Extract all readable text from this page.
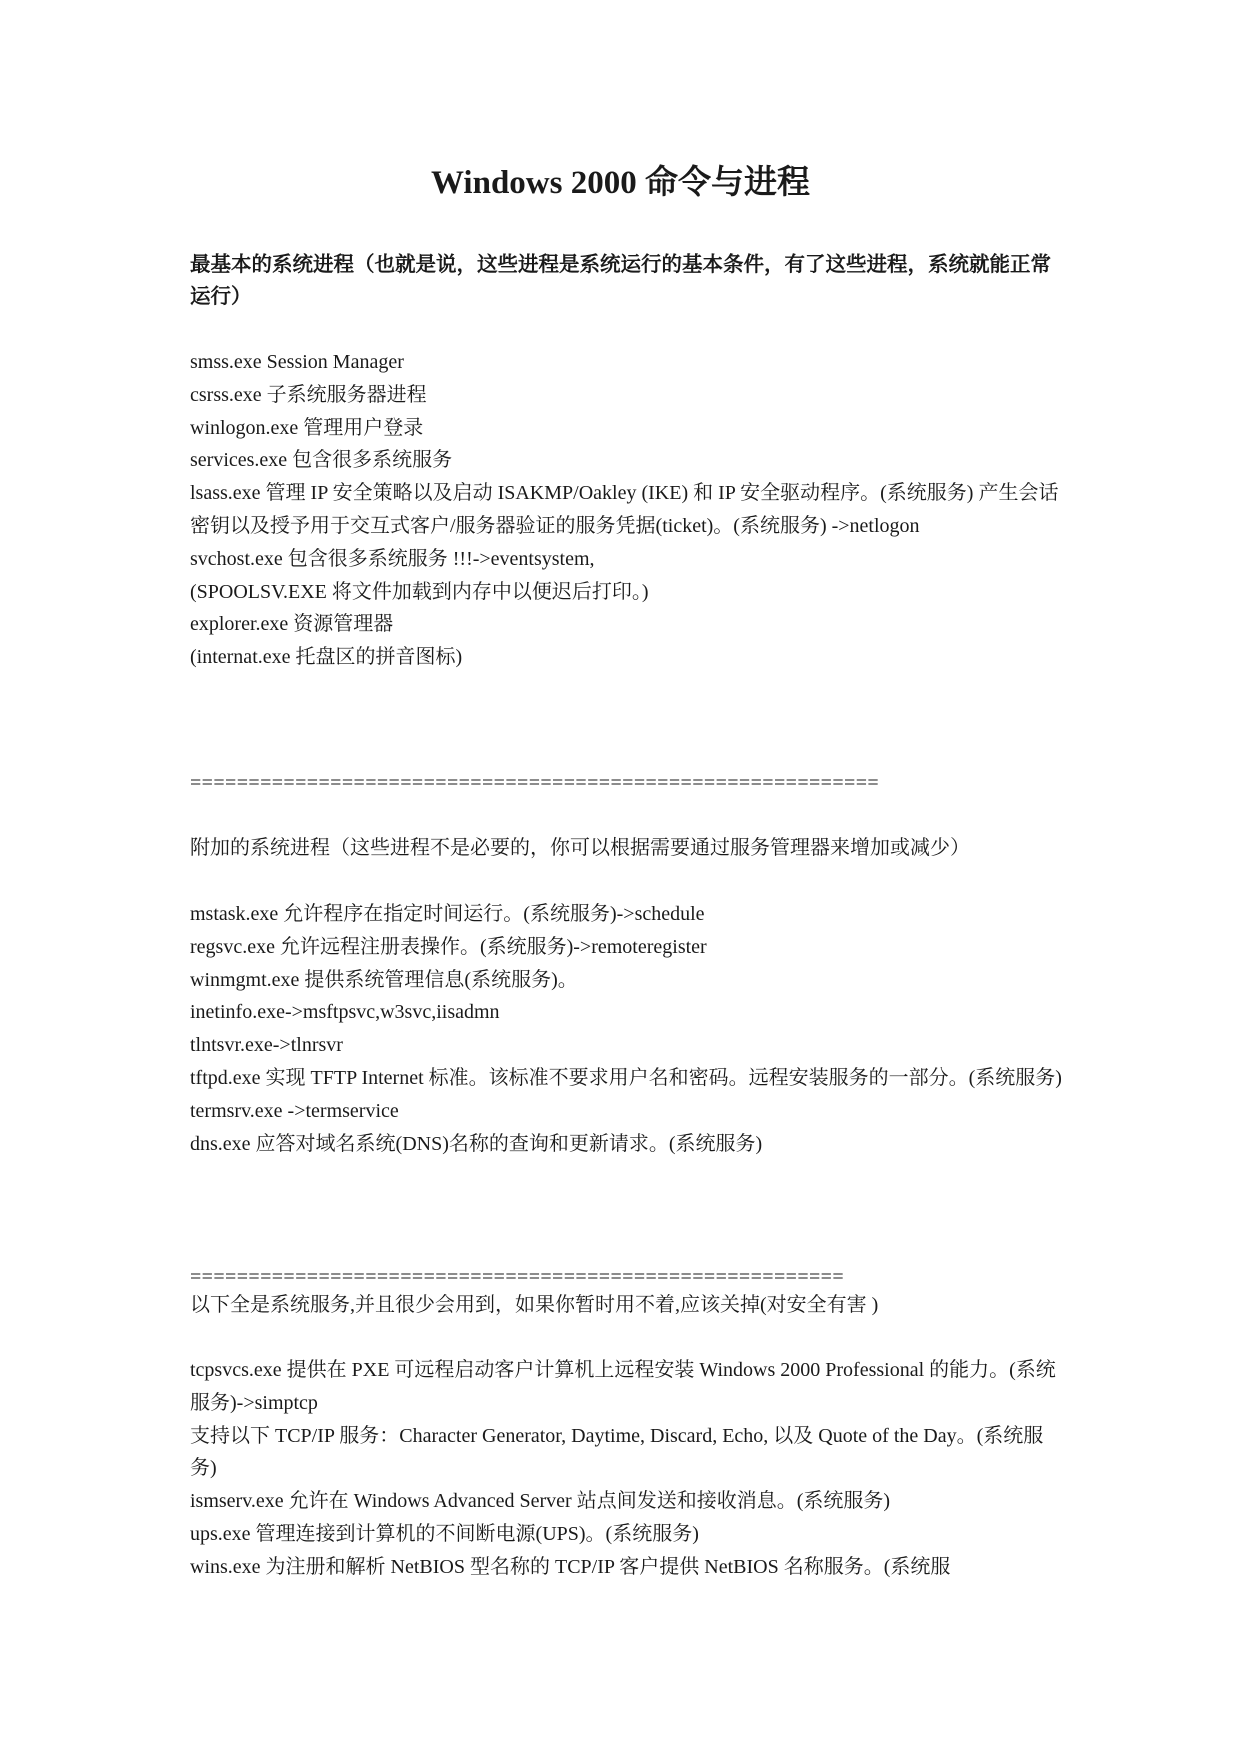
Windows 2000 命令与进程
最基本的系统进程（也就是说，这些进程是系统运行的基本条件，有了这些进程，系统就能正常运行）

smss.exe Session Manager

csrss.exe 子系统服务器进程

winlogon.exe 管理用户登录

services.exe 包含很多系统服务

lsass.exe 管理 IP 安全策略以及启动 ISAKMP/Oakley (IKE) 和 IP 安全驱动程序。(系统服务) 产生会话密钥以及授予用于交互式客户/服务器验证的服务凭据(ticket)。(系统服务) ->netlogon

svchost.exe 包含很多系统服务 !!!->eventsystem,

(SPOOLSV.EXE 将文件加载到内存中以便迟后打印。)

explorer.exe 资源管理器

(internat.exe 托盘区的拼音图标)

===========================================================
附加的系统进程（这些进程不是必要的，你可以根据需要通过服务管理器来增加或减少）

mstask.exe 允许程序在指定时间运行。(系统服务)->schedule

regsvc.exe 允许远程注册表操作。(系统服务)->remoteregister

winmgmt.exe 提供系统管理信息(系统服务)。

inetinfo.exe->msftpsvc,w3svc,iisadmn

tlntsvr.exe->tlnrsvr

tftpd.exe 实现 TFTP Internet 标准。该标准不要求用户名和密码。远程安装服务的一部分。(系统服务)

termsrv.exe ->termservice

dns.exe 应答对域名系统(DNS)名称的查询和更新请求。(系统服务)

========================================================
以下全是系统服务,并且很少会用到，如果你暂时用不着,应该关掉(对安全有害 )

tcpsvcs.exe 提供在 PXE 可远程启动客户计算机上远程安装 Windows 2000 Professional 的能力。(系统服务)->simptcp

支持以下 TCP/IP 服务：Character Generator, Daytime, Discard, Echo, 以及 Quote of the Day。(系统服务)

ismserv.exe 允许在 Windows Advanced Server 站点间发送和接收消息。(系统服务)

ups.exe 管理连接到计算机的不间断电源(UPS)。(系统服务)

wins.exe 为注册和解析 NetBIOS 型名称的 TCP/IP 客户提供 NetBIOS 名称服务。(系统服
